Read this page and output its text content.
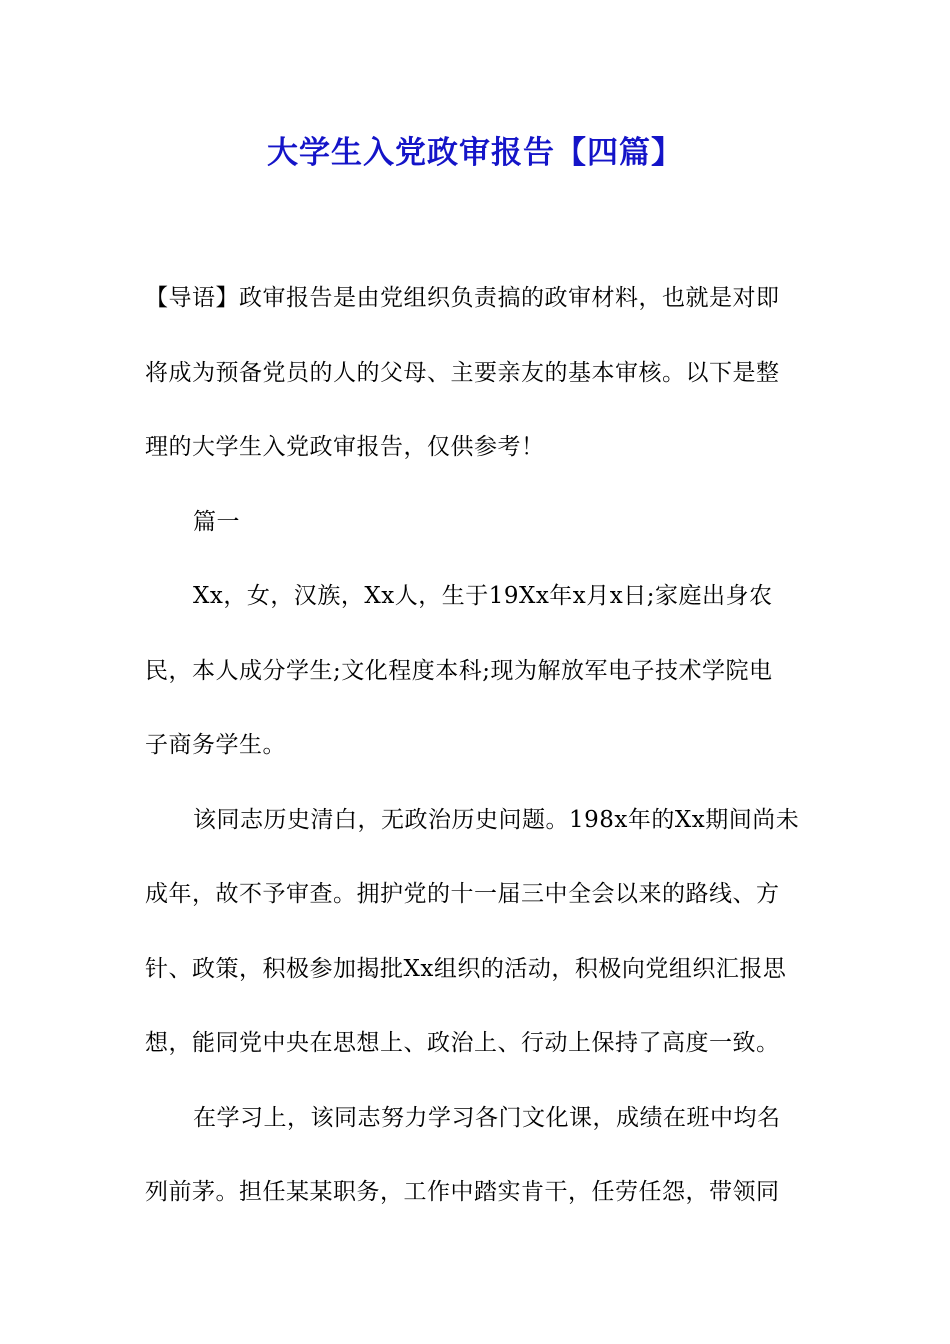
大学生入党政审报告【四篇】
【导语】政审报告是由党组织负责搞的政审材料，也就是对即
将成为预备党员的人的父母、主要亲友的基本审核。以下是整
理的大学生入党政审报告，仅供参考！
篇一
Xx，女，汉族，Xx人，生于19Xx年x月x日;家庭出身农
民，本人成分学生;文化程度本科;现为解放军电子技术学院电
子商务学生。
该同志历史清白，无政治历史问题。198x年的Xx期间尚未
成年，故不予审查。拥护党的十一届三中全会以来的路线、方
针、政策，积极参加揭批Xx组织的活动，积极向党组织汇报思
想，能同党中央在思想上、政治上、行动上保持了高度一致。
在学习上，该同志努力学习各门文化课，成绩在班中均名
列前茅。担任某某职务，工作中踏实肯干，任劳任怨，带领同
